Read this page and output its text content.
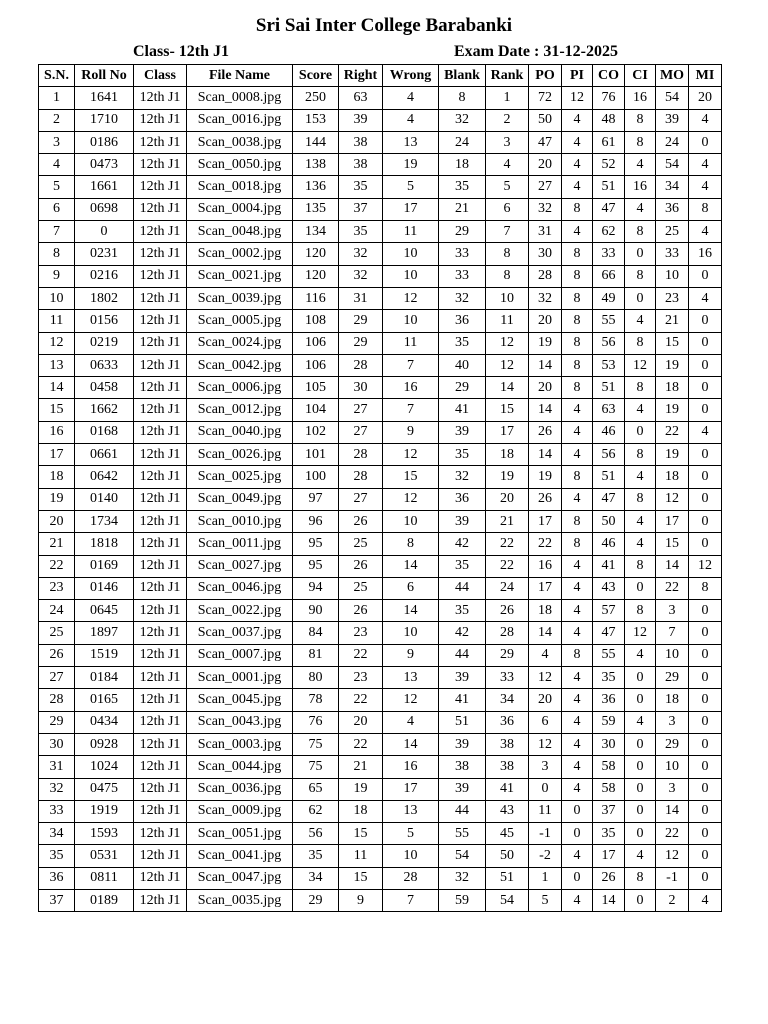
Sri Sai Inter College Barabanki
Class- 12th J1	Exam Date : 31-12-2025
S.N.	Roll No	Class	File Name	Score	Right	Wrong	Blank	Rank	PO	PI	CO	CI	MO	MI
1	1641	12th J1	Scan_0008.jpg	250	63	4	8	1	72	12	76	16	54	20
2	1710	12th J1	Scan_0016.jpg	153	39	4	32	2	50	4	48	8	39	4
3	0186	12th J1	Scan_0038.jpg	144	38	13	24	3	47	4	61	8	24	0
4	0473	12th J1	Scan_0050.jpg	138	38	19	18	4	20	4	52	4	54	4
5	1661	12th J1	Scan_0018.jpg	136	35	5	35	5	27	4	51	16	34	4
6	0698	12th J1	Scan_0004.jpg	135	37	17	21	6	32	8	47	4	36	8
7	0	12th J1	Scan_0048.jpg	134	35	11	29	7	31	4	62	8	25	4
8	0231	12th J1	Scan_0002.jpg	120	32	10	33	8	30	8	33	0	33	16
9	0216	12th J1	Scan_0021.jpg	120	32	10	33	8	28	8	66	8	10	0
10	1802	12th J1	Scan_0039.jpg	116	31	12	32	10	32	8	49	0	23	4
11	0156	12th J1	Scan_0005.jpg	108	29	10	36	11	20	8	55	4	21	0
12	0219	12th J1	Scan_0024.jpg	106	29	11	35	12	19	8	56	8	15	0
13	0633	12th J1	Scan_0042.jpg	106	28	7	40	12	14	8	53	12	19	0
14	0458	12th J1	Scan_0006.jpg	105	30	16	29	14	20	8	51	8	18	0
15	1662	12th J1	Scan_0012.jpg	104	27	7	41	15	14	4	63	4	19	0
16	0168	12th J1	Scan_0040.jpg	102	27	9	39	17	26	4	46	0	22	4
17	0661	12th J1	Scan_0026.jpg	101	28	12	35	18	14	4	56	8	19	0
18	0642	12th J1	Scan_0025.jpg	100	28	15	32	19	19	8	51	4	18	0
19	0140	12th J1	Scan_0049.jpg	97	27	12	36	20	26	4	47	8	12	0
20	1734	12th J1	Scan_0010.jpg	96	26	10	39	21	17	8	50	4	17	0
21	1818	12th J1	Scan_0011.jpg	95	25	8	42	22	22	8	46	4	15	0
22	0169	12th J1	Scan_0027.jpg	95	26	14	35	22	16	4	41	8	14	12
23	0146	12th J1	Scan_0046.jpg	94	25	6	44	24	17	4	43	0	22	8
24	0645	12th J1	Scan_0022.jpg	90	26	14	35	26	18	4	57	8	3	0
25	1897	12th J1	Scan_0037.jpg	84	23	10	42	28	14	4	47	12	7	0
26	1519	12th J1	Scan_0007.jpg	81	22	9	44	29	4	8	55	4	10	0
27	0184	12th J1	Scan_0001.jpg	80	23	13	39	33	12	4	35	0	29	0
28	0165	12th J1	Scan_0045.jpg	78	22	12	41	34	20	4	36	0	18	0
29	0434	12th J1	Scan_0043.jpg	76	20	4	51	36	6	4	59	4	3	0
30	0928	12th J1	Scan_0003.jpg	75	22	14	39	38	12	4	30	0	29	0
31	1024	12th J1	Scan_0044.jpg	75	21	16	38	38	3	4	58	0	10	0
32	0475	12th J1	Scan_0036.jpg	65	19	17	39	41	0	4	58	0	3	0
33	1919	12th J1	Scan_0009.jpg	62	18	13	44	43	11	0	37	0	14	0
34	1593	12th J1	Scan_0051.jpg	56	15	5	55	45	-1	0	35	0	22	0
35	0531	12th J1	Scan_0041.jpg	35	11	10	54	50	-2	4	17	4	12	0
36	0811	12th J1	Scan_0047.jpg	34	15	28	32	51	1	0	26	8	-1	0
37	0189	12th J1	Scan_0035.jpg	29	9	7	59	54	5	4	14	0	2	4
